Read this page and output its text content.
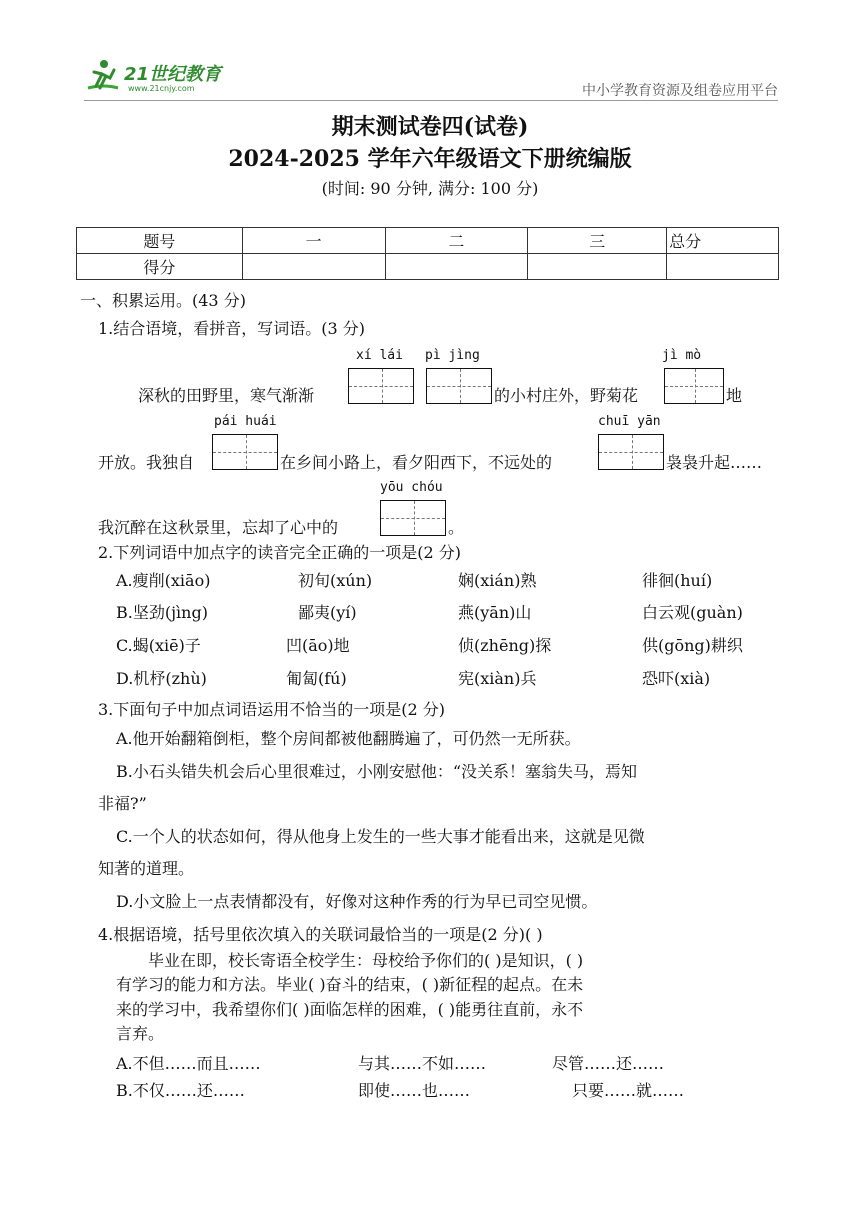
21世纪教育
www.21cnjy.com	中小学教育资源及组卷应用平台
期末测试卷四(试卷)
2024-2025 学年六年级语文下册统编版
(时间: 90 分钟, 满分: 100 分)
题号	一	二	三	总分
得分				
一、积累运用。(43 分)
1.结合语境，看拼音，写词语。(3 分)
xí lái pì jìng	jì mò
深秋的田野里，寒气渐渐	的小村庄外，野菊花	地
pái huái	chuī yān
开放。我独自	在乡间小路上，看夕阳西下，不远处的	袅袅升起……
yōu chóu
我沉醉在这秋景里，忘却了心中的	。
2.下列词语中加点字的读音完全正确的一项是(2 分)
A.瘦削(xiāo)	初旬(xún)	娴(xián)熟	徘徊(huí)
B.坚劲(jìng)	鄙夷(yí)	燕(yān)山	白云观(guàn)
C.蝎(xiē)子	凹(āo)地	侦(zhēng)探	供(gōng)耕织
D.机杼(zhù)	匍匐(fú)	宪(xiàn)兵	恐吓(xià)
3.下面句子中加点词语运用不恰当的一项是(2 分)
A.他开始翻箱倒柜，整个房间都被他翻腾遍了，可仍然一无所获。
B.小石头错失机会后心里很难过，小刚安慰他：“没关系！塞翁失马，焉知
非福?”
C.一个人的状态如何，得从他身上发生的一些大事才能看出来，这就是见微
知著的道理。
D.小文脸上一点表情都没有，好像对这种作秀的行为早已司空见惯。
4.根据语境，括号里依次填入的关联词最恰当的一项是(2 分)( )
毕业在即，校长寄语全校学生：母校给予你们的( )是知识，( )
有学习的能力和方法。毕业( )奋斗的结束，( )新征程的起点。在未
来的学习中，我希望你们( )面临怎样的困难，( )能勇往直前，永不
言弃。
A.不但……而且……	与其……不如……	尽管……还……
B.不仅……还……	即使……也……	只要……就……
